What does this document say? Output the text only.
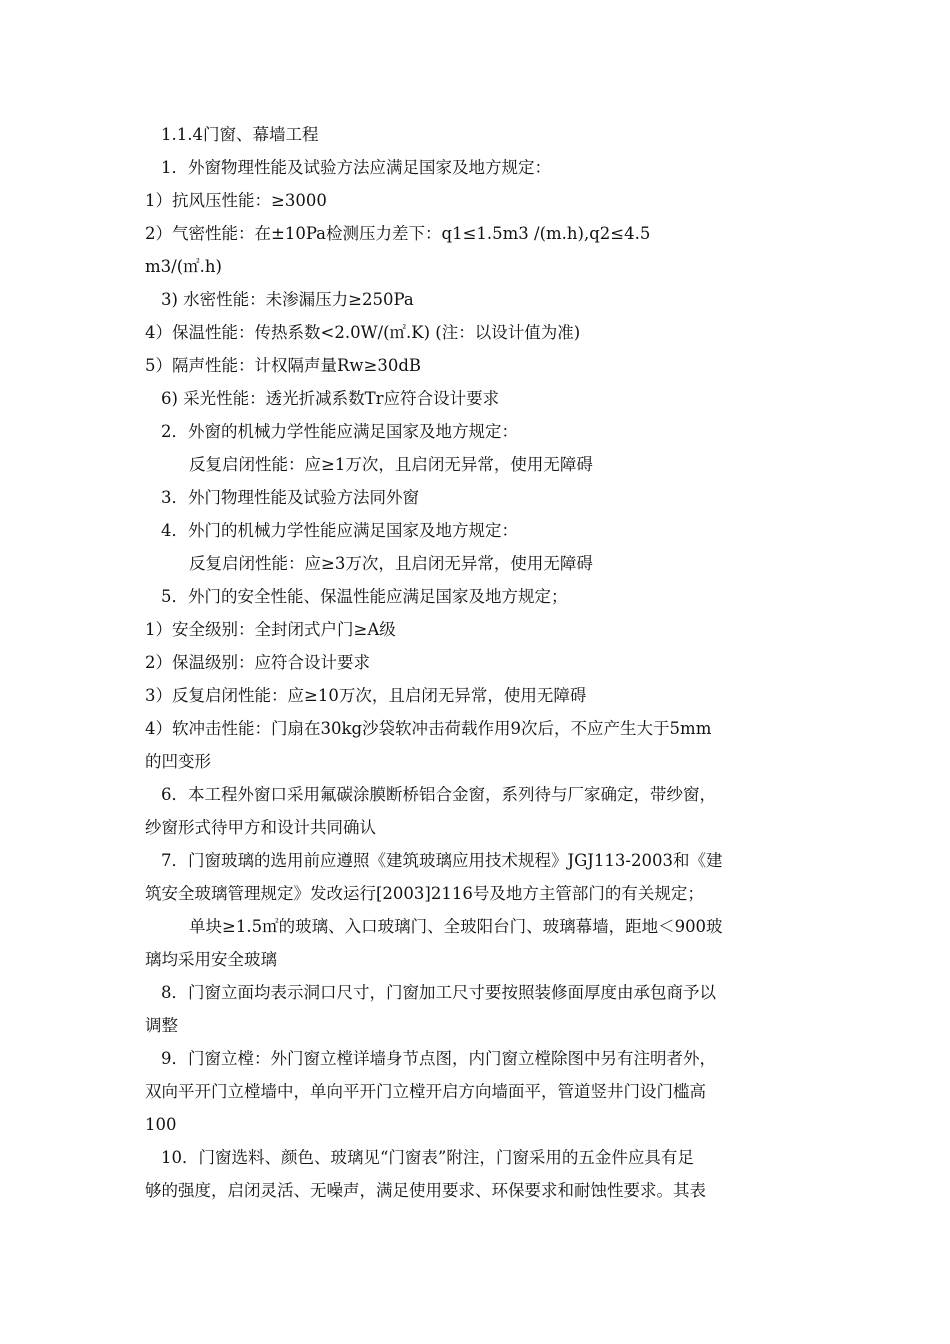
1.1.4门窗、幕墙工程
1．外窗物理性能及试验方法应满足国家及地方规定：
1）抗风压性能：≥3000
2）气密性能：在±10Pa检测压力差下：q1≤1.5m3 /(m.h),q2≤4.5
m3/(㎡.h)
3) 水密性能：未渗漏压力≥250Pa
4）保温性能：传热系数<2.0W/(㎡.K) (注：以设计值为准)
5）隔声性能：计权隔声量Rw≥30dB
6) 采光性能：透光折减系数Tr应符合设计要求
2．外窗的机械力学性能应满足国家及地方规定：
反复启闭性能：应≥1万次，且启闭无异常，使用无障碍
3．外门物理性能及试验方法同外窗
4．外门的机械力学性能应满足国家及地方规定：
反复启闭性能：应≥3万次，且启闭无异常，使用无障碍
5．外门的安全性能、保温性能应满足国家及地方规定；
1）安全级别：全封闭式户门≥A级
2）保温级别：应符合设计要求
3）反复启闭性能：应≥10万次，且启闭无异常，使用无障碍
4）软冲击性能：门扇在30kg沙袋软冲击荷载作用9次后，不应产生大于5mm
的凹变形
6．本工程外窗口采用氟碳涂膜断桥铝合金窗，系列待与厂家确定，带纱窗，
纱窗形式待甲方和设计共同确认
7．门窗玻璃的选用前应遵照《建筑玻璃应用技术规程》JGJ113-2003和《建
筑安全玻璃管理规定》发改运行[2003]2116号及地方主管部门的有关规定；
单块≥1.5㎡的玻璃、入口玻璃门、全玻阳台门、玻璃幕墙，距地＜900玻
璃均采用安全玻璃
8．门窗立面均表示洞口尺寸，门窗加工尺寸要按照装修面厚度由承包商予以
调整
9．门窗立樘：外门窗立樘详墙身节点图，内门窗立樘除图中另有注明者外，
双向平开门立樘墙中，单向平开门立樘开启方向墙面平，管道竖井门设门槛高
100
10．门窗选料、颜色、玻璃见“门窗表”附注，门窗采用的五金件应具有足
够的强度，启闭灵活、无噪声，满足使用要求、环保要求和耐蚀性要求。其表
